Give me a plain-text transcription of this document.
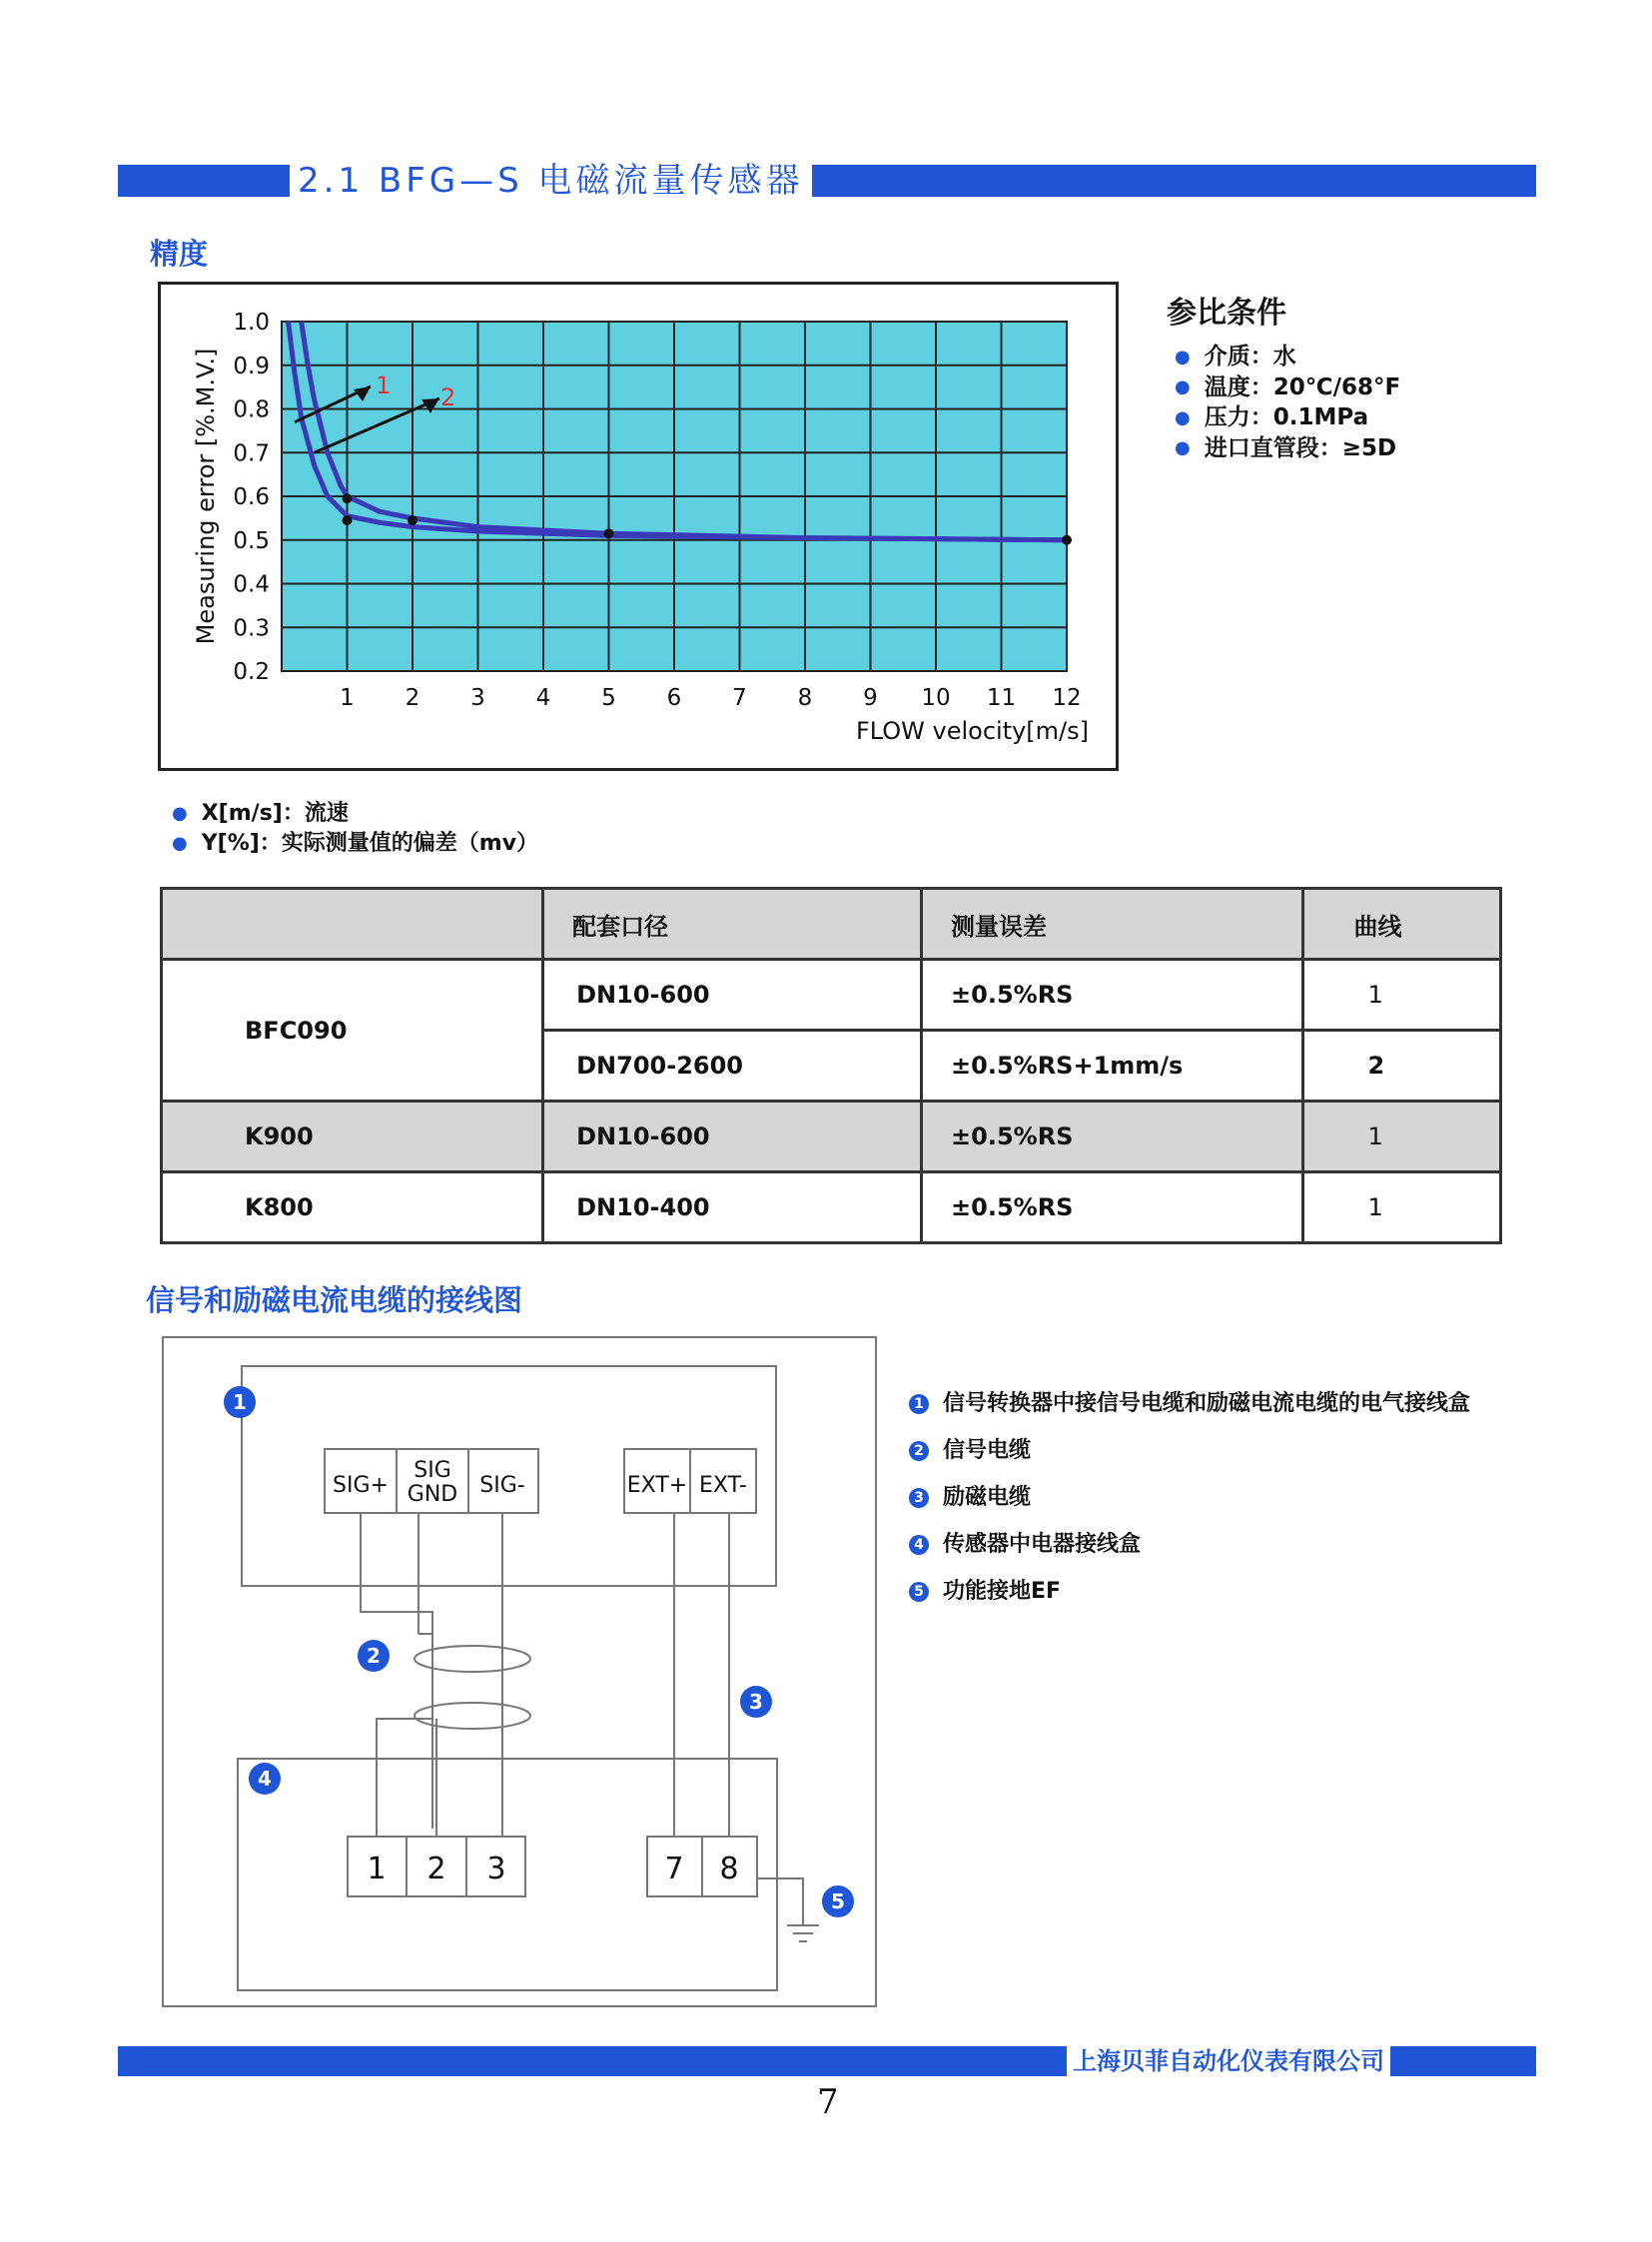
2.1 BFG—S 电磁流量传感器
精度
1.0
0.9
0.8
0.7
0.6
0.5
0.4
0.3
0.2
1 2 3 4 5 6 7 8 9 10 11 12
1 2
Measuring error [%.M.V.]
FLOW velocity[m/s]
参比条件
● 介质：水
● 温度：20℃/68°F
● 压力：0.1MPa
● 进口直管段：≥5D
● X[m/s]：流速
● Y[%]：实际测量值的偏差（mv）
	配套口径	测量误差	曲线
BFC090	DN10-600	±0.5%RS	1
	DN700-2600	±0.5%RS+1mm/s	2
K900	DN10-600	±0.5%RS	1
K800	DN10-400	±0.5%RS	1
信号和励磁电流电缆的接线图
SIG+
SIG
GND SIG-	EXT+ EXT-
1 2 3	7 8
1
2
3
4
5
1 信号转换器中接信号电缆和励磁电流电缆的电气接线盒
2 信号电缆
3 励磁电缆
4 传感器中电器接线盒
5 功能接地EF
上海贝菲自动化仪表有限公司
7
